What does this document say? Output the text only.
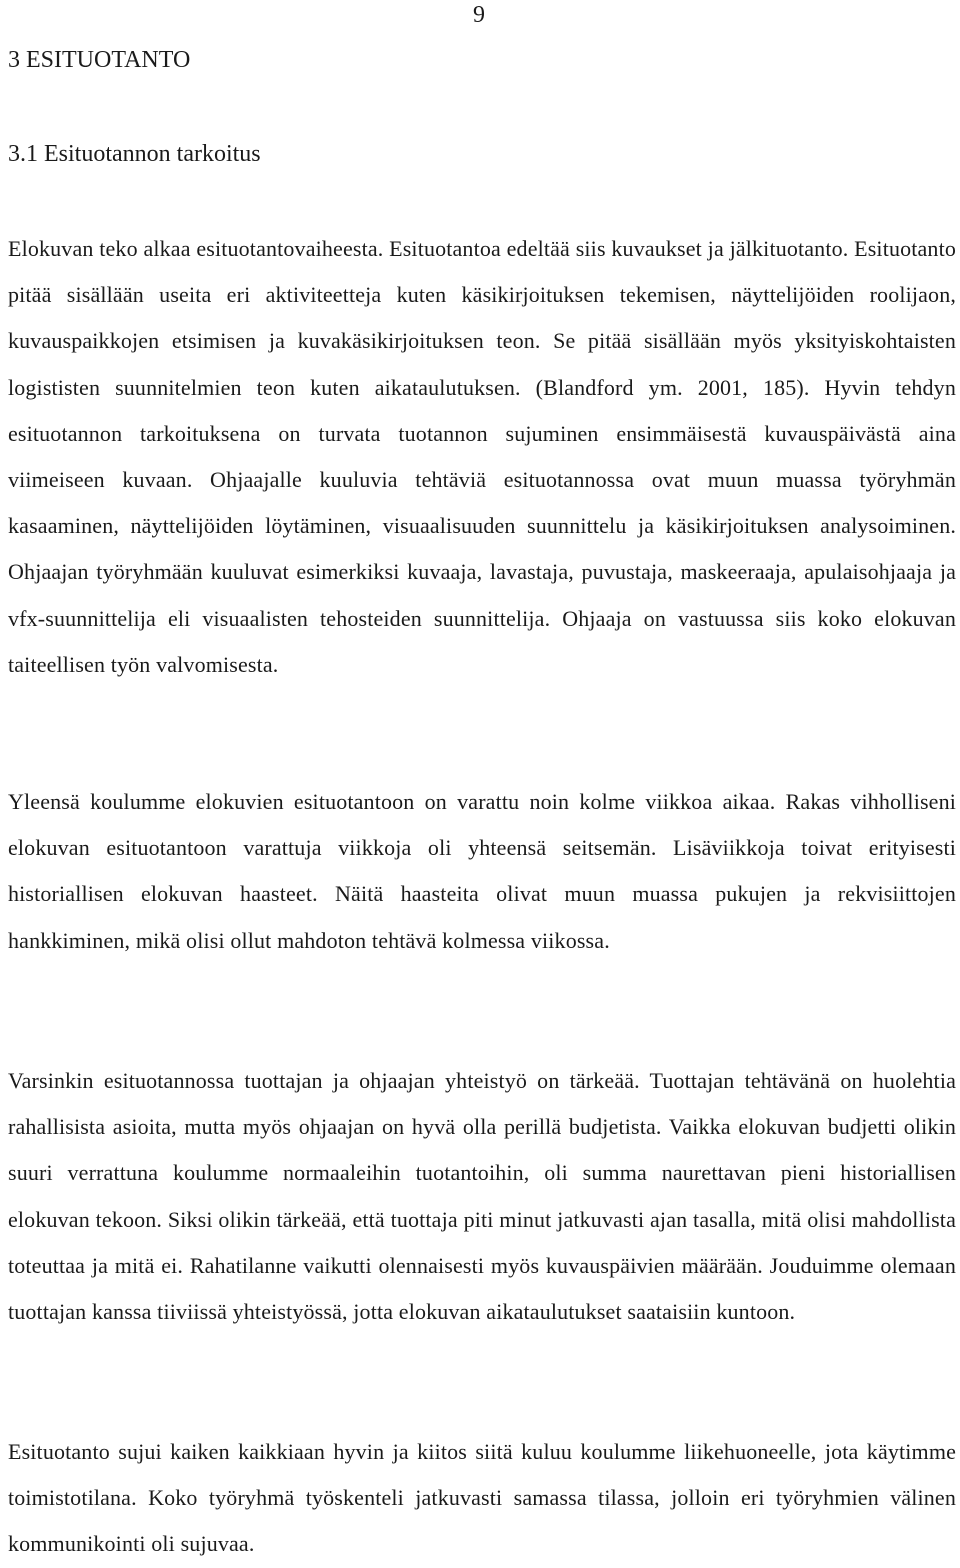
9
3 ESITUOTANTO
3.1 Esituotannon tarkoitus

Elokuvan teko alkaa esituotantovaiheesta. Esituotantoa edeltää siis kuvaukset ja jälkituotanto. Esituotanto pitää sisällään useita eri aktiviteetteja kuten käsikirjoituksen tekemisen, näyttelijöiden roolijaon, kuvauspaikkojen etsimisen ja kuvakäsikirjoituksen teon. Se pitää sisällään myös yksityiskohtaisten logististen suunnitelmien teon kuten aikataulutuksen. (Blandford ym. 2001, 185). Hyvin tehdyn esituotannon tarkoituksena on turvata tuotannon sujuminen ensimmäisestä kuvauspäivästä aina viimeiseen kuvaan. Ohjaajalle kuuluvia tehtäviä esituotannossa ovat muun muassa työryhmän kasaaminen, näyttelijöiden löytäminen, visuaalisuuden suunnittelu ja käsikirjoituksen analysoiminen. Ohjaajan työryhmään kuuluvat esimerkiksi kuvaaja, lavastaja, puvustaja, maskeeraaja, apulaisohjaaja ja vfx-suunnittelija eli visuaalisten tehosteiden suunnittelija. Ohjaaja on vastuussa siis koko elokuvan taiteellisen työn valvomisesta.

Yleensä koulumme elokuvien esituotantoon on varattu noin kolme viikkoa aikaa. Rakas vihholliseni elokuvan esituotantoon varattuja viikkoja oli yhteensä seitsemän. Lisäviikkoja toivat erityisesti historiallisen elokuvan haasteet. Näitä haasteita olivat muun muassa pukujen ja rekvisiittojen hankkiminen, mikä olisi ollut mahdoton tehtävä kolmessa viikossa.

Varsinkin esituotannossa tuottajan ja ohjaajan yhteistyö on tärkeää. Tuottajan tehtävänä on huolehtia rahallisista asioita, mutta myös ohjaajan on hyvä olla perillä budjetista. Vaikka elokuvan budjetti olikin suuri verrattuna koulumme normaaleihin tuotantoihin, oli summa naurettavan pieni historiallisen elokuvan tekoon. Siksi olikin tärkeää, että tuottaja piti minut jatkuvasti ajan tasalla, mitä olisi mahdollista toteuttaa ja mitä ei. Rahatilanne vaikutti olennaisesti myös kuvauspäivien määrään. Jouduimme olemaan tuottajan kanssa tiiviissä yhteistyössä, jotta elokuvan aikataulutukset saataisiin kuntoon.

Esituotanto sujui kaiken kaikkiaan hyvin ja kiitos siitä kuluu koulumme liikehuoneelle, jota käytimme toimistotilana. Koko työryhmä työskenteli jatkuvasti samassa tilassa, jolloin eri työryhmien välinen kommunikointi oli sujuvaa.
